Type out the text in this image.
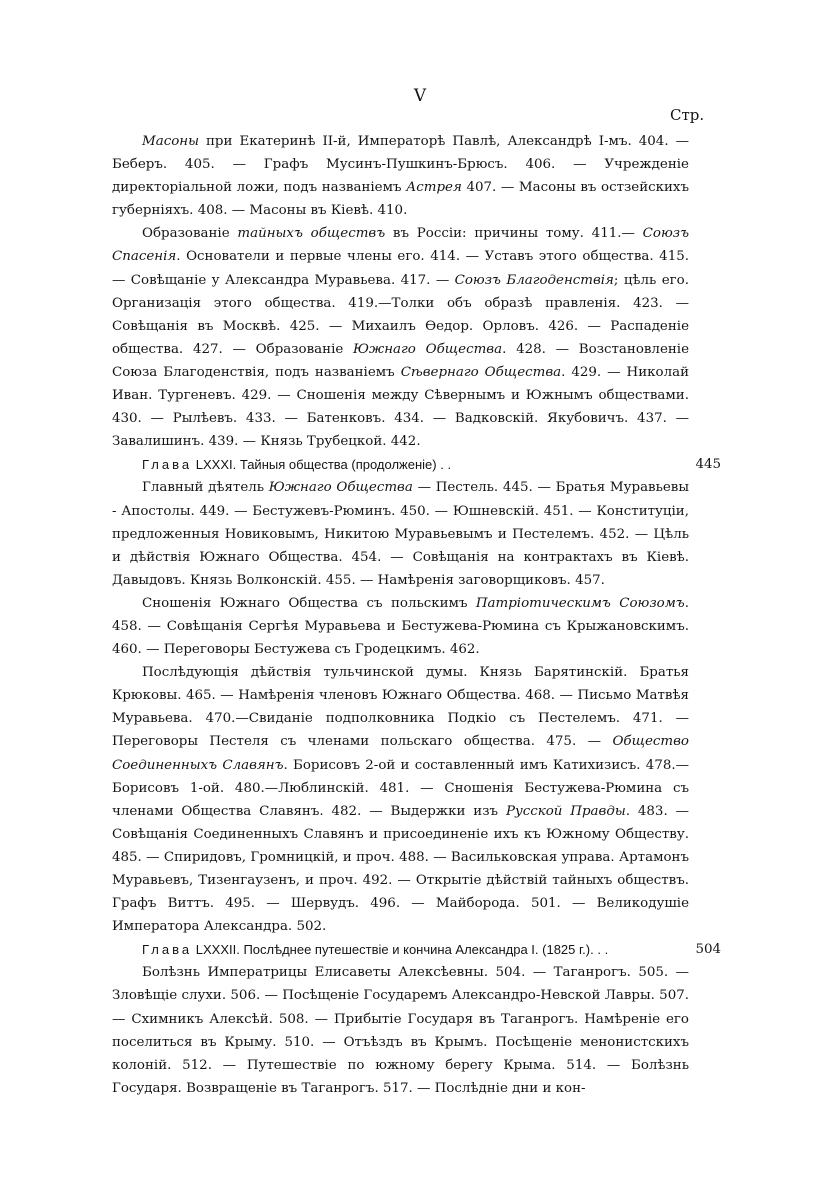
V
Стр.

Масоны при Екатеринѣ II-й, Императорѣ Павлѣ, Александрѣ I-мъ. 404. — Беберъ. 405. — Графъ Мусинъ-Пушкинъ-Брюсъ. 406. — Учрежденіе директоріальной ложи, подъ названіемъ Астрея 407. — Масоны въ остзейскихъ губерніяхъ. 408. — Масоны въ Кіевѣ. 410.

Образованіе тайныхъ обществъ въ Россіи: причины тому. 411.— Союзъ Спасенія. Основатели и первые члены его. 414. — Уставъ этого общества. 415. — Совѣщаніе у Александра Муравьева. 417. — Союзъ Благоденствія; цѣль его. Организація этого общества. 419.—Толки объ образѣ правленія. 423. — Совѣщанія въ Москвѣ. 425. — Михаилъ Ѳедор. Орловъ. 426. — Распаденіе общества. 427. — Образованіе Южнаго Общества. 428. — Возстановленіе Союза Благоденствія, подъ названіемъ Сѣвернаго Общества. 429. — Николай Иван. Тургеневъ. 429. — Сношенія между Сѣвернымъ и Южнымъ обществами. 430. — Рылѣевъ. 433. — Батенковъ. 434. — Вадковскій. Якубовичъ. 437. — Завалишинъ. 439. — Князь Трубецкой. 442.

Глава LXXXI. Тайныя общества (продолженіе) . .	445

Главный дѣятель Южнаго Общества — Пестель. 445. — Братья Муравьевы - Апостолы. 449. — Бестужевъ-Рюминъ. 450. — Юшневскій. 451. — Конституціи, предложенныя Новиковымъ, Никитою Муравьевымъ и Пестелемъ. 452. — Цѣль и дѣйствія Южнаго Общества. 454. — Совѣщанія на контрактахъ въ Кіевѣ. Давыдовъ. Князь Волконскій. 455. — Намѣренія заговорщиковъ. 457.

Сношенія Южнаго Общества съ польскимъ Патріотическимъ Союзомъ. 458. — Совѣщанія Сергѣя Муравьева и Бестужева-Рюмина съ Крыжановскимъ. 460. — Переговоры Бестужева съ Гродецкимъ. 462.

Послѣдующія дѣйствія тульчинской думы. Князь Барятинскій. Братья Крюковы. 465. — Намѣренія членовъ Южнаго Общества. 468. — Письмо Матвѣя Муравьева. 470.—Свиданіе подполковника Подкіо съ Пестелемъ. 471. — Переговоры Пестеля съ членами польскаго общества. 475. — Общество Соединенныхъ Славянъ. Борисовъ 2-ой и составленный имъ Катихизисъ. 478.—Борисовъ 1-ой. 480.—Люблинскій. 481. — Сношенія Бестужева-Рюмина съ членами Общества Славянъ. 482. — Выдержки изъ Русской Правды. 483. — Совѣщанія Соединенныхъ Славянъ и присоединеніе ихъ къ Южному Обществу. 485. — Спиридовъ, Громницкій, и проч. 488. — Васильковская управа. Артамонъ Муравьевъ, Тизенгаузенъ, и проч. 492. — Открытіе дѣйствій тайныхъ обществъ. Графъ Виттъ. 495. — Шервудъ. 496. — Майборода. 501. — Великодушіе Императора Александра. 502.

Глава LXXXII. Послѣднее путешествіе и кончина Александра I. (1825 г.). . .	504

Болѣзнь Императрицы Елисаветы Алексѣевны. 504. — Таганрогъ. 505. — Зловѣщіе слухи. 506. — Посѣщеніе Государемъ Александро-Невской Лавры. 507. — Схимникъ Алексѣй. 508. — Прибытіе Государя въ Таганрогъ. Намѣреніе его поселиться въ Крыму. 510. — Отъѣздъ въ Крымъ. Посѣщеніе менонистскихъ колоній. 512. — Путешествіе по южному берегу Крыма. 514. — Болѣзнь Государя. Возвращеніе въ Таганрогъ. 517. — Послѣдніе дни и кон-
